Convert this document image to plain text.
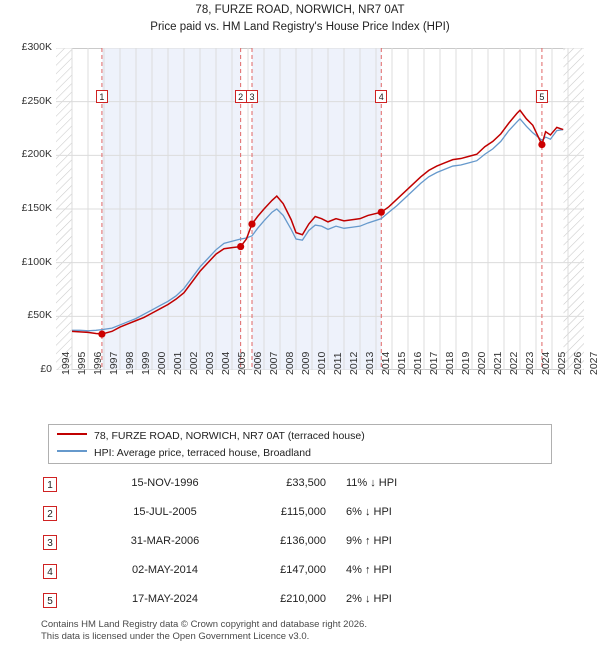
78, FURZE ROAD, NORWICH, NR7 0AT
Price paid vs. HM Land Registry's House Price Index (HPI)
£0
£50K
£100K
£150K
£200K
£250K
£300K
1994 1995 1996 1997 1998 1999 2000 2001 2002 2003 2004 2005 2006 2007 2008 2009 2010 2011 2012 2013 2014 2015 2016 2017 2018 2019 2020 2021 2022 2023 2024 2025 2026 2027
1	2 3	4	5
78, FURZE ROAD, NORWICH, NR7 0AT (terraced house)
HPI: Average price, terraced house, Broadland
1	15-NOV-1996	£33,500 11% ↓ HPI
2	15-JUL-2005	£115,000 6% ↓ HPI
3	31-MAR-2006	£136,000 9% ↑ HPI
4	02-MAY-2014	£147,000 4% ↑ HPI
5	17-MAY-2024	£210,000 2% ↓ HPI
Contains HM Land Registry data © Crown copyright and database right 2026.
This data is licensed under the Open Government Licence v3.0.
